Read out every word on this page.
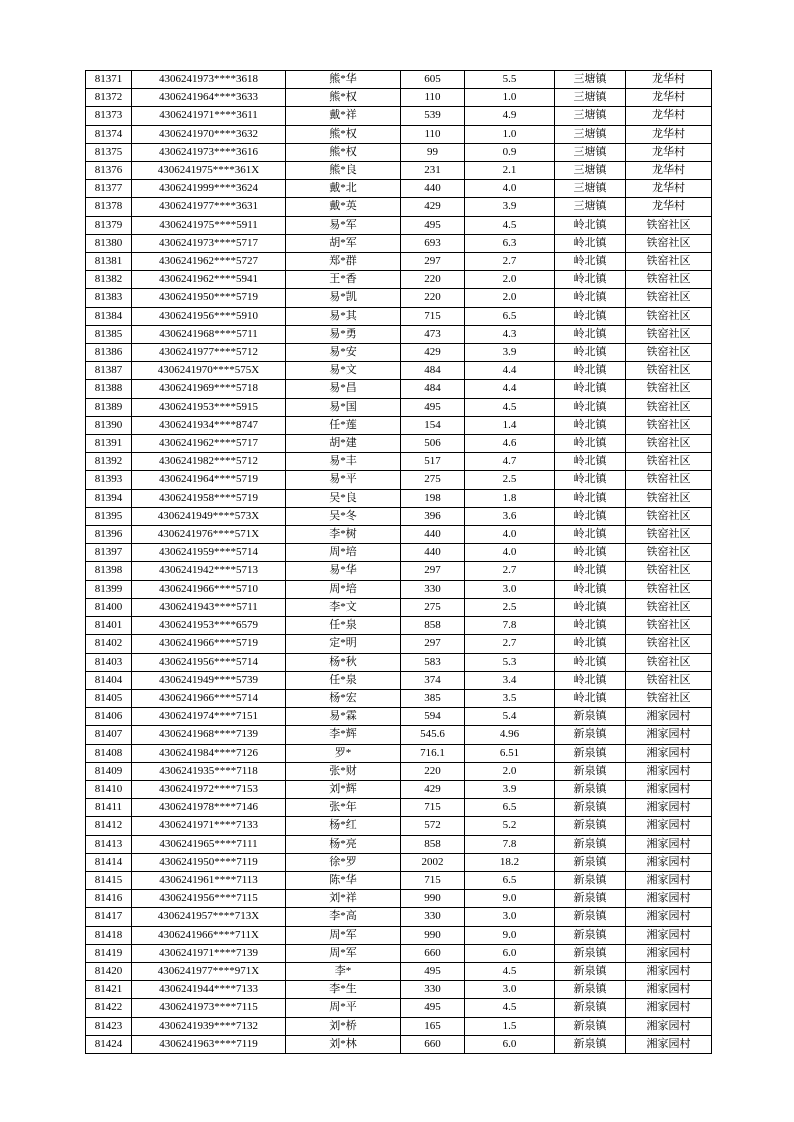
81371	4306241973****3618	熊*华	605	5.5	三塘镇	龙华村
81372	4306241964****3633	熊*权	110	1.0	三塘镇	龙华村
81373	4306241971****3611	戴*祥	539	4.9	三塘镇	龙华村
81374	4306241970****3632	熊*权	110	1.0	三塘镇	龙华村
81375	4306241973****3616	熊*权	99	0.9	三塘镇	龙华村
81376	4306241975****361X	熊*良	231	2.1	三塘镇	龙华村
81377	4306241999****3624	戴*北	440	4.0	三塘镇	龙华村
81378	4306241977****3631	戴*英	429	3.9	三塘镇	龙华村
81379	4306241975****5911	易*军	495	4.5	岭北镇	铁窑社区
81380	4306241973****5717	胡*军	693	6.3	岭北镇	铁窑社区
81381	4306241962****5727	郑*群	297	2.7	岭北镇	铁窑社区
81382	4306241962****5941	王*香	220	2.0	岭北镇	铁窑社区
81383	4306241950****5719	易*凯	220	2.0	岭北镇	铁窑社区
81384	4306241956****5910	易*其	715	6.5	岭北镇	铁窑社区
81385	4306241968****5711	易*勇	473	4.3	岭北镇	铁窑社区
81386	4306241977****5712	易*安	429	3.9	岭北镇	铁窑社区
81387	4306241970****575X	易*文	484	4.4	岭北镇	铁窑社区
81388	4306241969****5718	易*昌	484	4.4	岭北镇	铁窑社区
81389	4306241953****5915	易*国	495	4.5	岭北镇	铁窑社区
81390	4306241934****8747	任*莲	154	1.4	岭北镇	铁窑社区
81391	4306241962****5717	胡*建	506	4.6	岭北镇	铁窑社区
81392	4306241982****5712	易*丰	517	4.7	岭北镇	铁窑社区
81393	4306241964****5719	易*平	275	2.5	岭北镇	铁窑社区
81394	4306241958****5719	吴*良	198	1.8	岭北镇	铁窑社区
81395	4306241949****573X	吴*冬	396	3.6	岭北镇	铁窑社区
81396	4306241976****571X	李*树	440	4.0	岭北镇	铁窑社区
81397	4306241959****5714	周*培	440	4.0	岭北镇	铁窑社区
81398	4306241942****5713	易*华	297	2.7	岭北镇	铁窑社区
81399	4306241966****5710	周*培	330	3.0	岭北镇	铁窑社区
81400	4306241943****5711	李*文	275	2.5	岭北镇	铁窑社区
81401	4306241953****6579	任*泉	858	7.8	岭北镇	铁窑社区
81402	4306241966****5719	定*明	297	2.7	岭北镇	铁窑社区
81403	4306241956****5714	杨*秋	583	5.3	岭北镇	铁窑社区
81404	4306241949****5739	任*泉	374	3.4	岭北镇	铁窑社区
81405	4306241966****5714	杨*宏	385	3.5	岭北镇	铁窑社区
81406	4306241974****7151	易*霖	594	5.4	新泉镇	湘家园村
81407	4306241968****7139	李*辉	545.6	4.96	新泉镇	湘家园村
81408	4306241984****7126	罗*	716.1	6.51	新泉镇	湘家园村
81409	4306241935****7118	张*财	220	2.0	新泉镇	湘家园村
81410	4306241972****7153	刘*辉	429	3.9	新泉镇	湘家园村
81411	4306241978****7146	张*年	715	6.5	新泉镇	湘家园村
81412	4306241971****7133	杨*红	572	5.2	新泉镇	湘家园村
81413	4306241965****7111	杨*亮	858	7.8	新泉镇	湘家园村
81414	4306241950****7119	徐*罗	2002	18.2	新泉镇	湘家园村
81415	4306241961****7113	陈*华	715	6.5	新泉镇	湘家园村
81416	4306241956****7115	刘*祥	990	9.0	新泉镇	湘家园村
81417	4306241957****713X	李*高	330	3.0	新泉镇	湘家园村
81418	4306241966****711X	周*军	990	9.0	新泉镇	湘家园村
81419	4306241971****7139	周*军	660	6.0	新泉镇	湘家园村
81420	4306241977****971X	李*	495	4.5	新泉镇	湘家园村
81421	4306241944****7133	李*生	330	3.0	新泉镇	湘家园村
81422	4306241973****7115	周*平	495	4.5	新泉镇	湘家园村
81423	4306241939****7132	刘*桥	165	1.5	新泉镇	湘家园村
81424	4306241963****7119	刘*林	660	6.0	新泉镇	湘家园村
